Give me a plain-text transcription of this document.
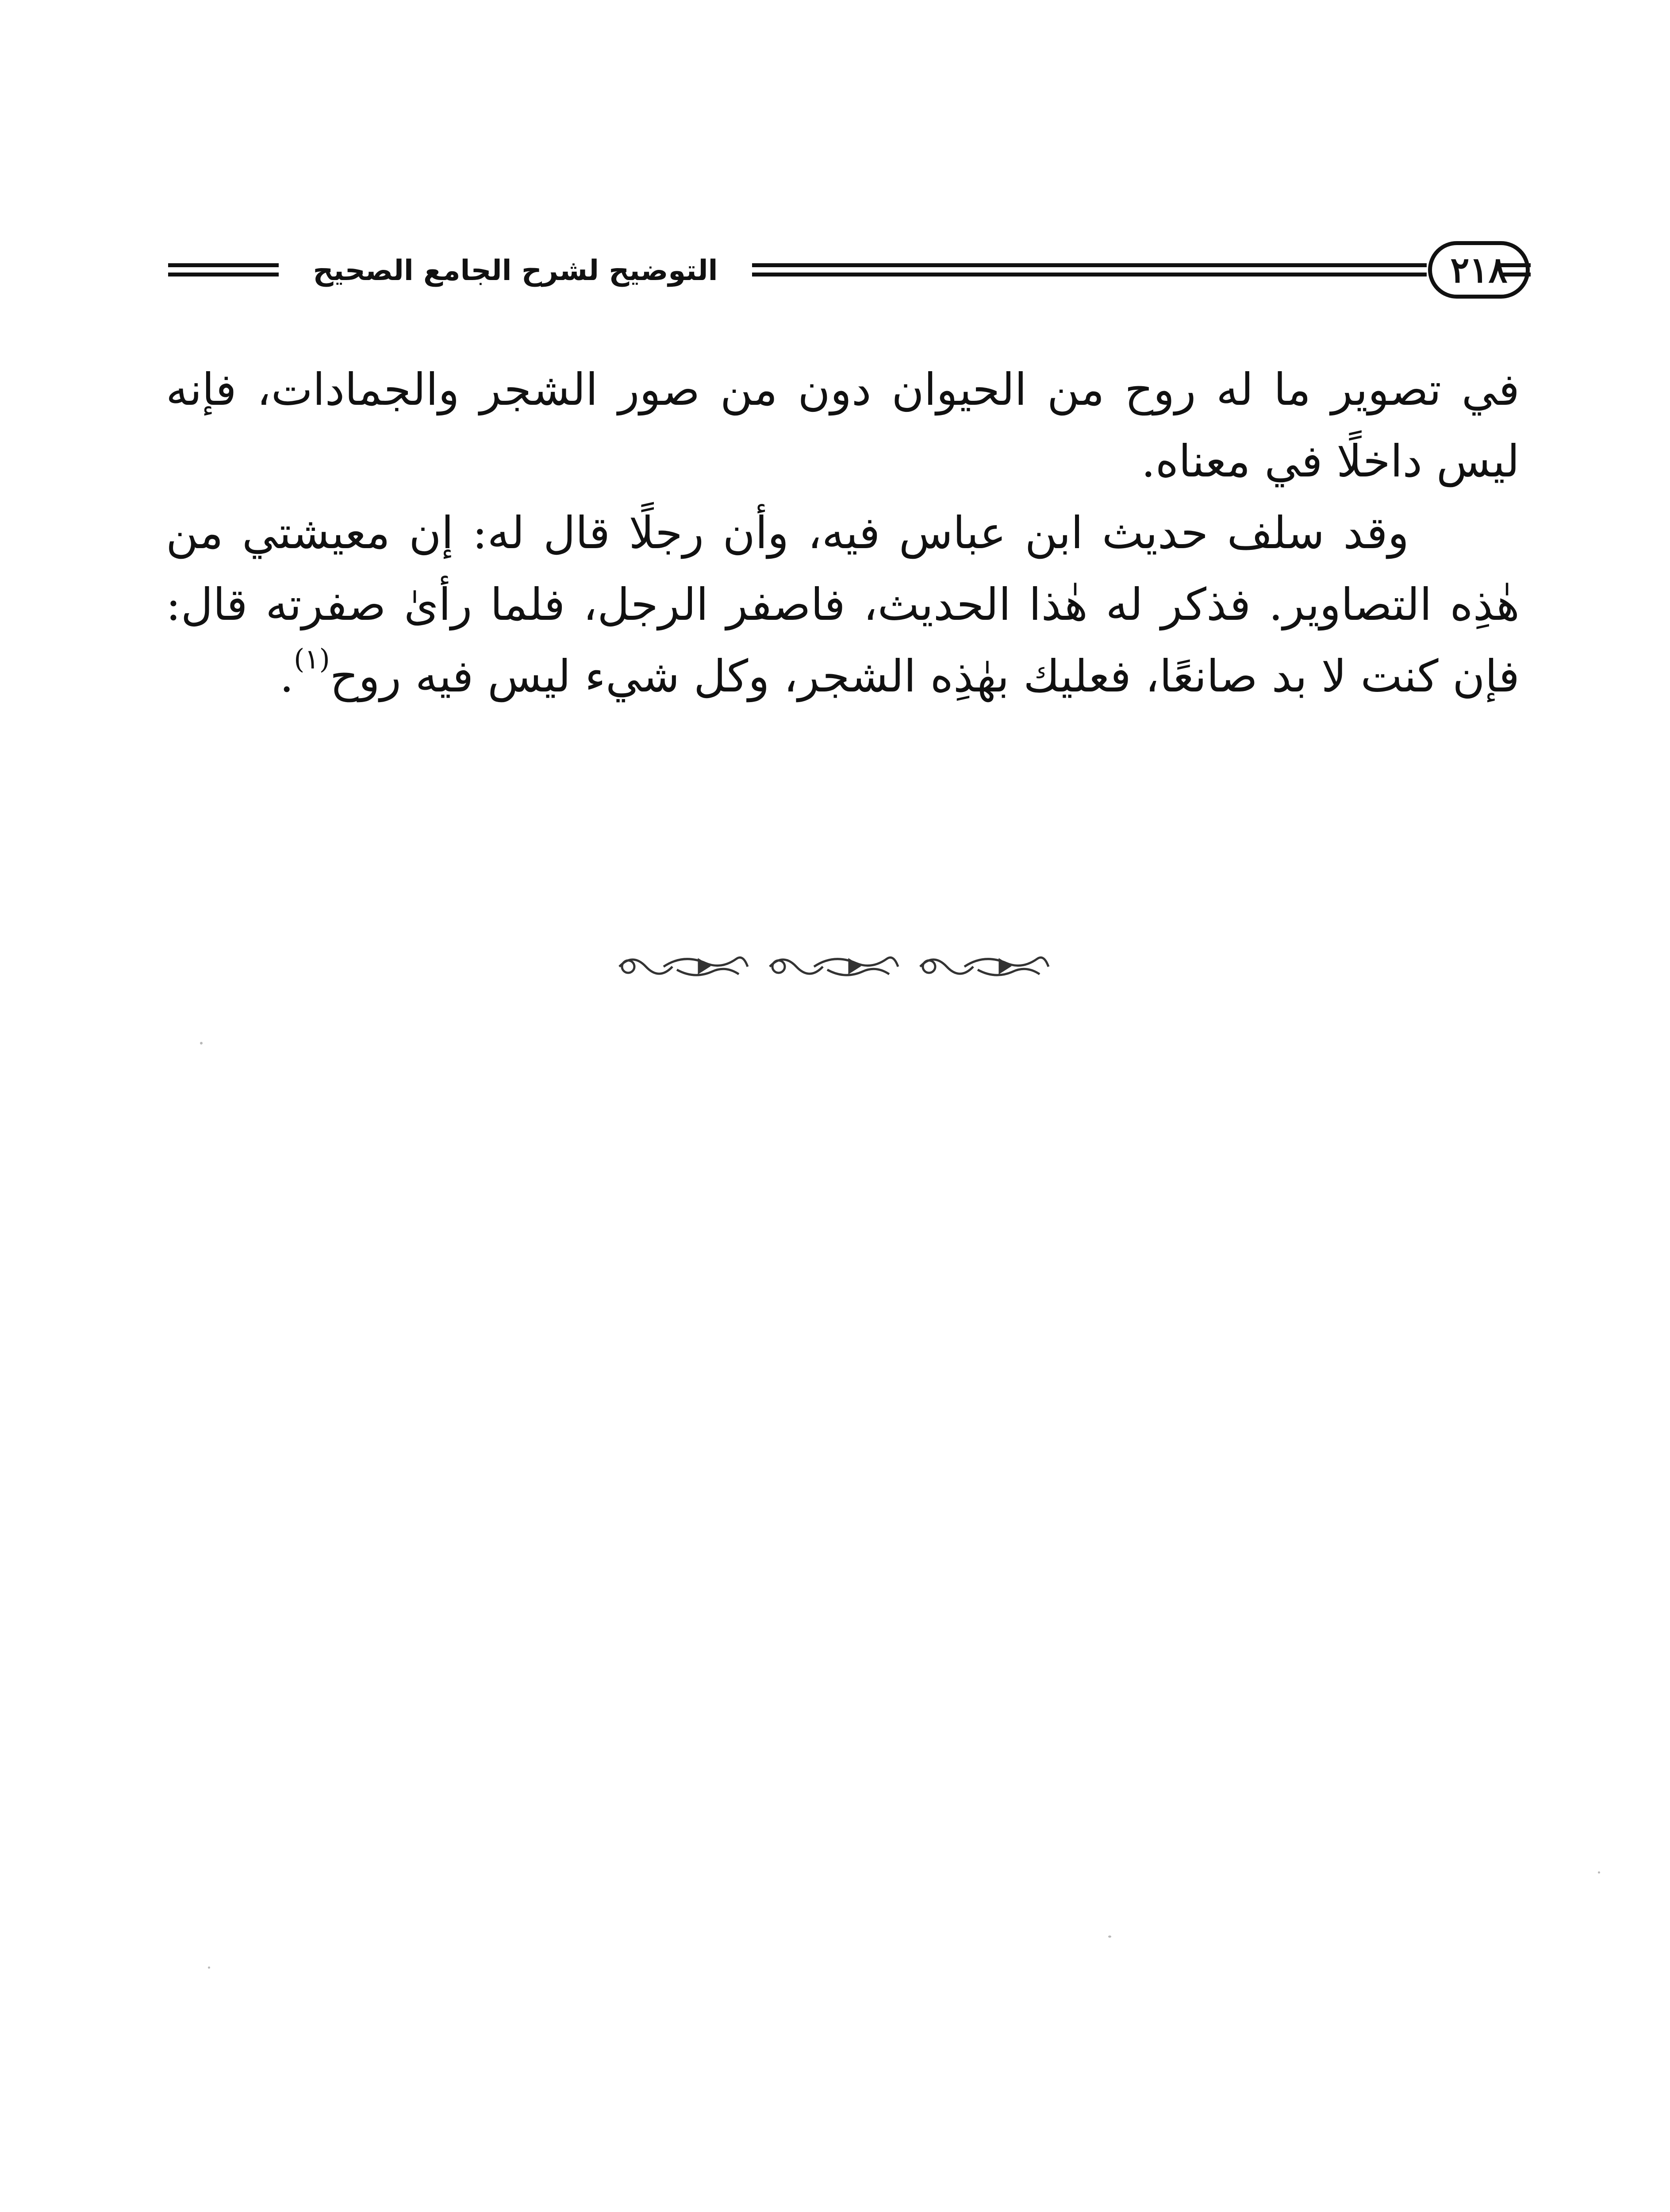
التوضيح لشرح الجامع الصحيح	٢١٨

في تصوير ما له روح من الحيوان دون من صور الشجر والجمادات، فإنه ليس داخلًا في معناه.

وقد سلف حديث ابن عباس فيه، وأن رجلًا قال له: إن معيشتي من هٰذِه التصاوير. فذكر له هٰذا الحديث، فاصفر الرجل، فلما رأىٰ صفرته قال: فإن كنت لا بد صانعًا، فعليك بهٰذِه الشجر، وكل شيء ليس فيه روح$^{(١)}$.
